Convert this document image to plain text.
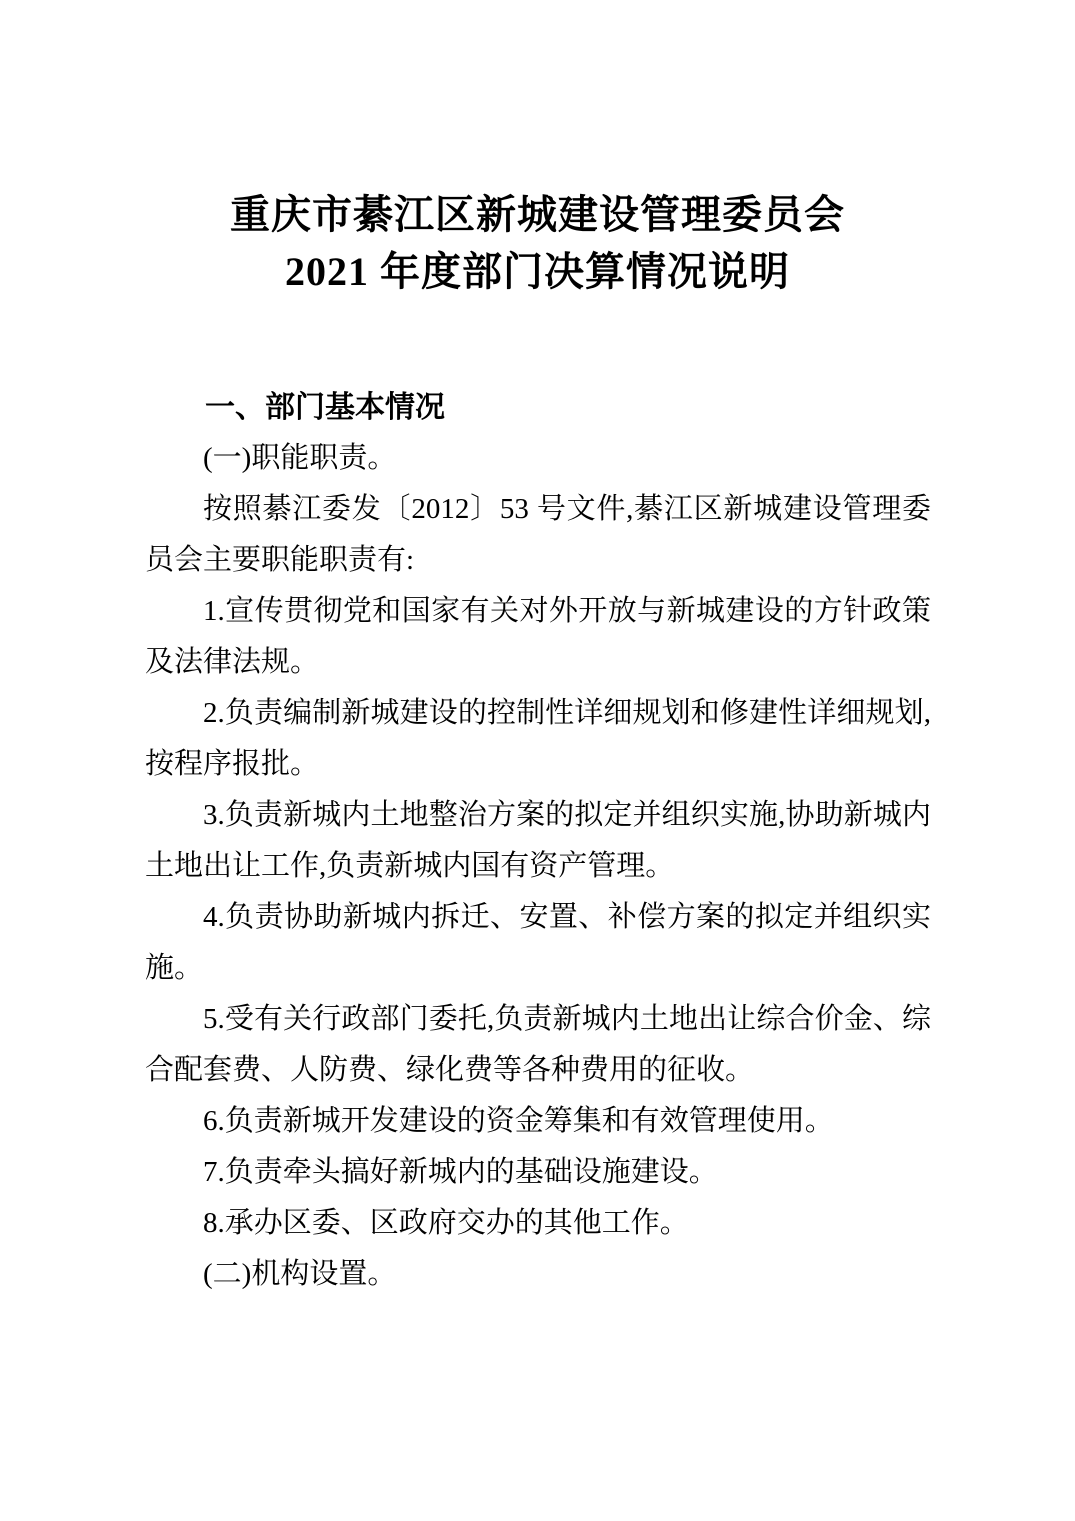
重庆市綦江区新城建设管理委员会
2021 年度部门决算情况说明

一、部门基本情况

(一)职能职责。

按照綦江委发〔2012〕53 号文件,綦江区新城建设管理委员会主要职能职责有:

1.宣传贯彻党和国家有关对外开放与新城建设的方针政策及法律法规。

2.负责编制新城建设的控制性详细规划和修建性详细规划,按程序报批。

3.负责新城内土地整治方案的拟定并组织实施,协助新城内土地出让工作,负责新城内国有资产管理。

4.负责协助新城内拆迁、安置、补偿方案的拟定并组织实施。

5.受有关行政部门委托,负责新城内土地出让综合价金、综合配套费、人防费、绿化费等各种费用的征收。

6.负责新城开发建设的资金筹集和有效管理使用。

7.负责牵头搞好新城内的基础设施建设。

8.承办区委、区政府交办的其他工作。

(二)机构设置。
